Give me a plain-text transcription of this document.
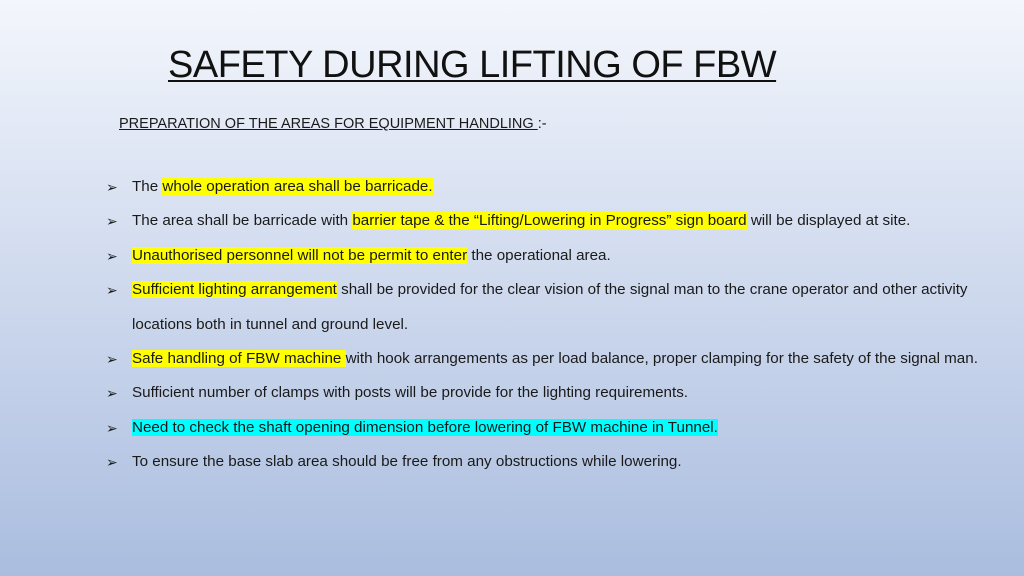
SAFETY DURING LIFTING OF FBW
PREPARATION OF THE AREAS FOR EQUIPMENT HANDLING :-
➢ The whole operation area shall be barricade.
➢ The area shall be barricade with barrier tape & the “Lifting/Lowering in Progress” sign board will be displayed at site.
➢ Unauthorised personnel will not be permit to enter the operational area.
➢ Sufficient lighting arrangement shall be provided for the clear vision of the signal man to the crane operator and other activity locations both in tunnel and ground level.
➢ Safe handling of FBW machine with hook arrangements as per load balance, proper clamping for the safety of the signal man.
➢ Sufficient number of clamps with posts will be provide for the lighting requirements.
➢ Need to check the shaft opening dimension before lowering of FBW machine in Tunnel.
➢ To ensure the base slab area should be free from any obstructions while lowering.
